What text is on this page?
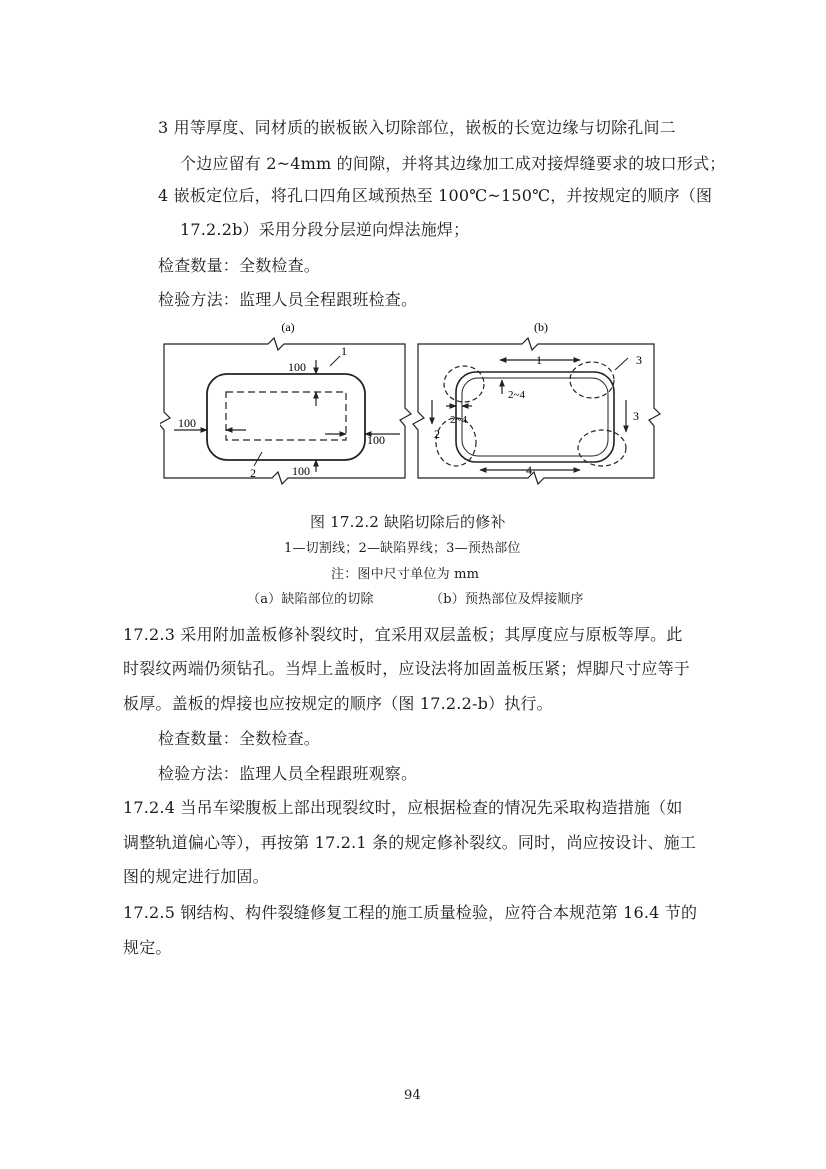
3 用等厚度、同材质的嵌板嵌入切除部位，嵌板的长宽边缘与切除孔间二
个边应留有 2~4mm 的间隙，并将其边缘加工成对接焊缝要求的坡口形式；
4 嵌板定位后，将孔口四角区域预热至 100℃~150℃，并按规定的顺序（图
17.2.2b）采用分段分层逆向焊法施焊；
检查数量：全数检查。
检验方法：监理人员全程跟班检查。
(a)
100
100
100
100
1
2
(b)
1	3
3
2
4
2~4
2~4
图 17.2.2 缺陷切除后的修补
1—切割线；2—缺陷界线；3—预热部位
注：图中尺寸单位为 mm
（a）缺陷部位的切除	（b）预热部位及焊接顺序
17.2.3 采用附加盖板修补裂纹时，宜采用双层盖板；其厚度应与原板等厚。此
时裂纹两端仍须钻孔。当焊上盖板时，应设法将加固盖板压紧；焊脚尺寸应等于
板厚。盖板的焊接也应按规定的顺序（图 17.2.2-b）执行。
检查数量：全数检查。
检验方法：监理人员全程跟班观察。
17.2.4 当吊车梁腹板上部出现裂纹时，应根据检查的情况先采取构造措施（如
调整轨道偏心等），再按第 17.2.1 条的规定修补裂纹。同时，尚应按设计、施工
图的规定进行加固。
17.2.5 钢结构、构件裂缝修复工程的施工质量检验，应符合本规范第 16.4 节的
规定。
94
